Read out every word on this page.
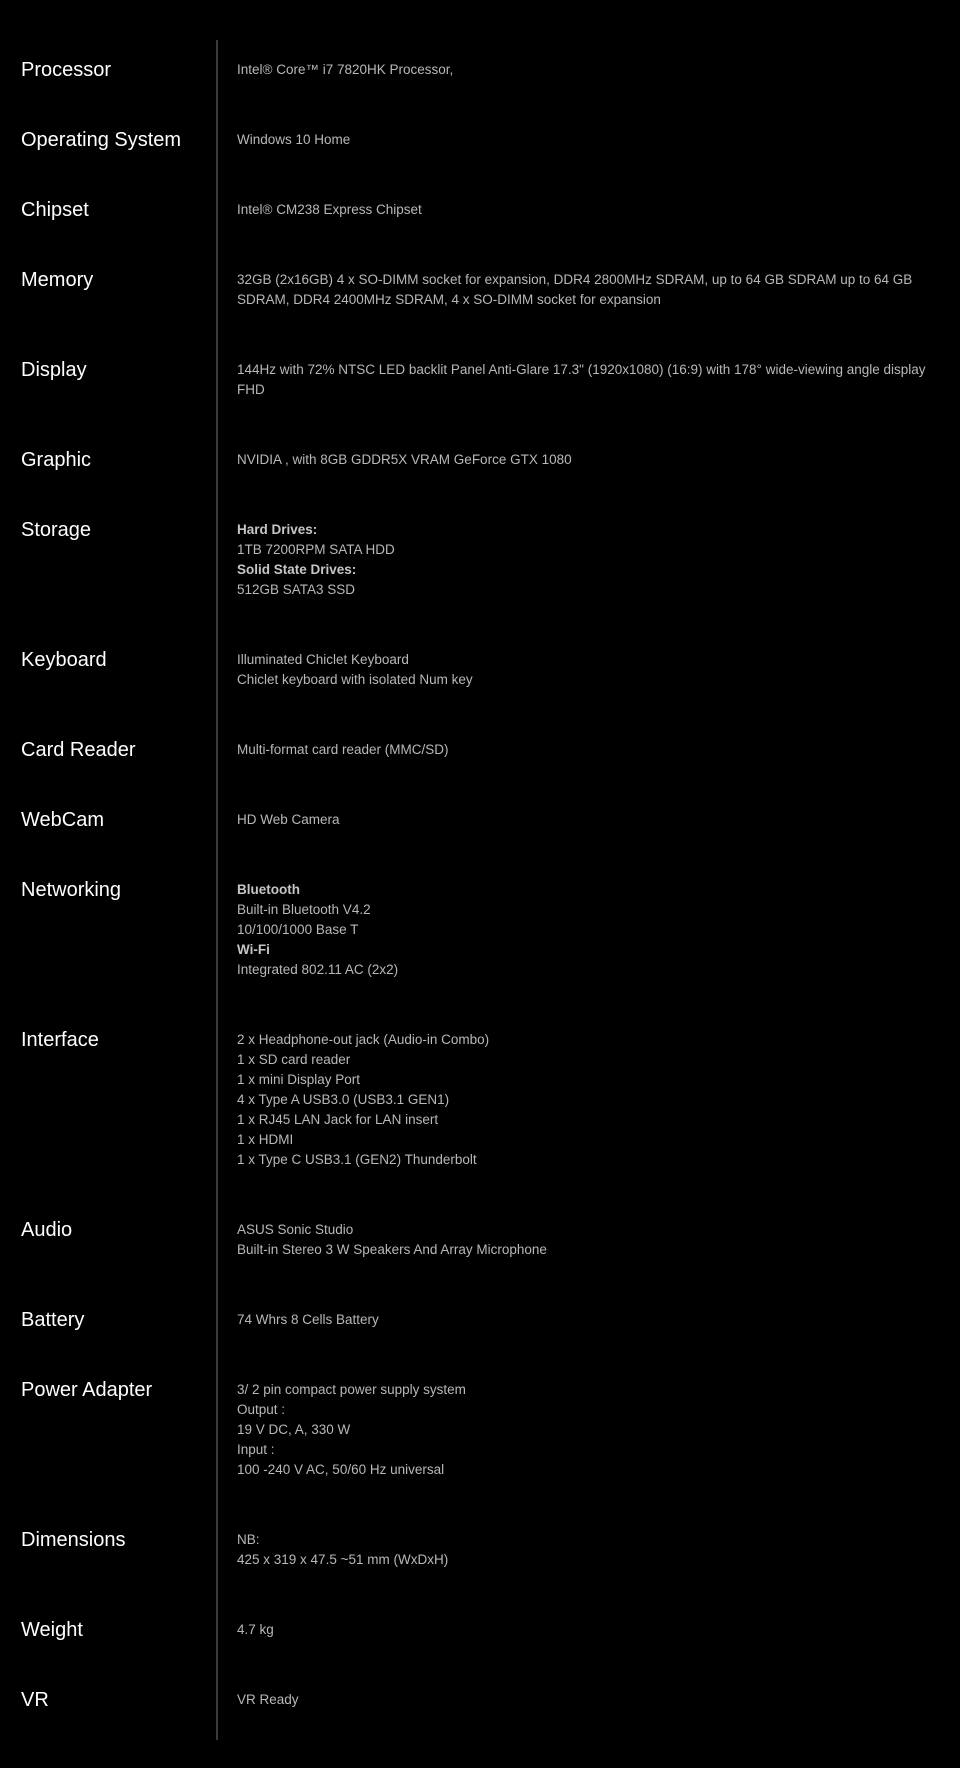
Processor	Intel® Core™ i7 7820HK Processor,
Operating System	Windows 10 Home
Chipset	Intel® CM238 Express Chipset
Memory	32GB (2x16GB) 4 x SO-DIMM socket for expansion, DDR4 2800MHz SDRAM, up to 64 GB SDRAM up to 64 GB SDRAM, DDR4 2400MHz SDRAM, 4 x SO-DIMM socket for expansion
Display	144Hz with 72% NTSC LED backlit Panel Anti-Glare 17.3" (1920x1080) (16:9) with 178° wide-viewing angle display FHD
Graphic	NVIDIA , with 8GB GDDR5X VRAM GeForce GTX 1080
Storage	Hard Drives:
1TB 7200RPM SATA HDD
Solid State Drives:
512GB SATA3 SSD
Keyboard	Illuminated Chiclet Keyboard
Chiclet keyboard with isolated Num key
Card Reader	Multi-format card reader (MMC/SD)
WebCam	HD Web Camera
Networking	Bluetooth
Built-in Bluetooth V4.2
10/100/1000 Base T
Wi-Fi
Integrated 802.11 AC (2x2)
Interface	2 x Headphone-out jack (Audio-in Combo)
1 x SD card reader
1 x mini Display Port
4 x Type A USB3.0 (USB3.1 GEN1)
1 x RJ45 LAN Jack for LAN insert
1 x HDMI
1 x Type C USB3.1 (GEN2) Thunderbolt
Audio	ASUS Sonic Studio
Built-in Stereo 3 W Speakers And Array Microphone
Battery	74 Whrs 8 Cells Battery
Power Adapter	3/ 2 pin compact power supply system
Output :
19 V DC, A, 330 W
Input :
100 -240 V AC, 50/60 Hz universal
Dimensions	NB:
425 x 319 x 47.5 ~51 mm (WxDxH)
Weight	4.7 kg
VR	VR Ready
